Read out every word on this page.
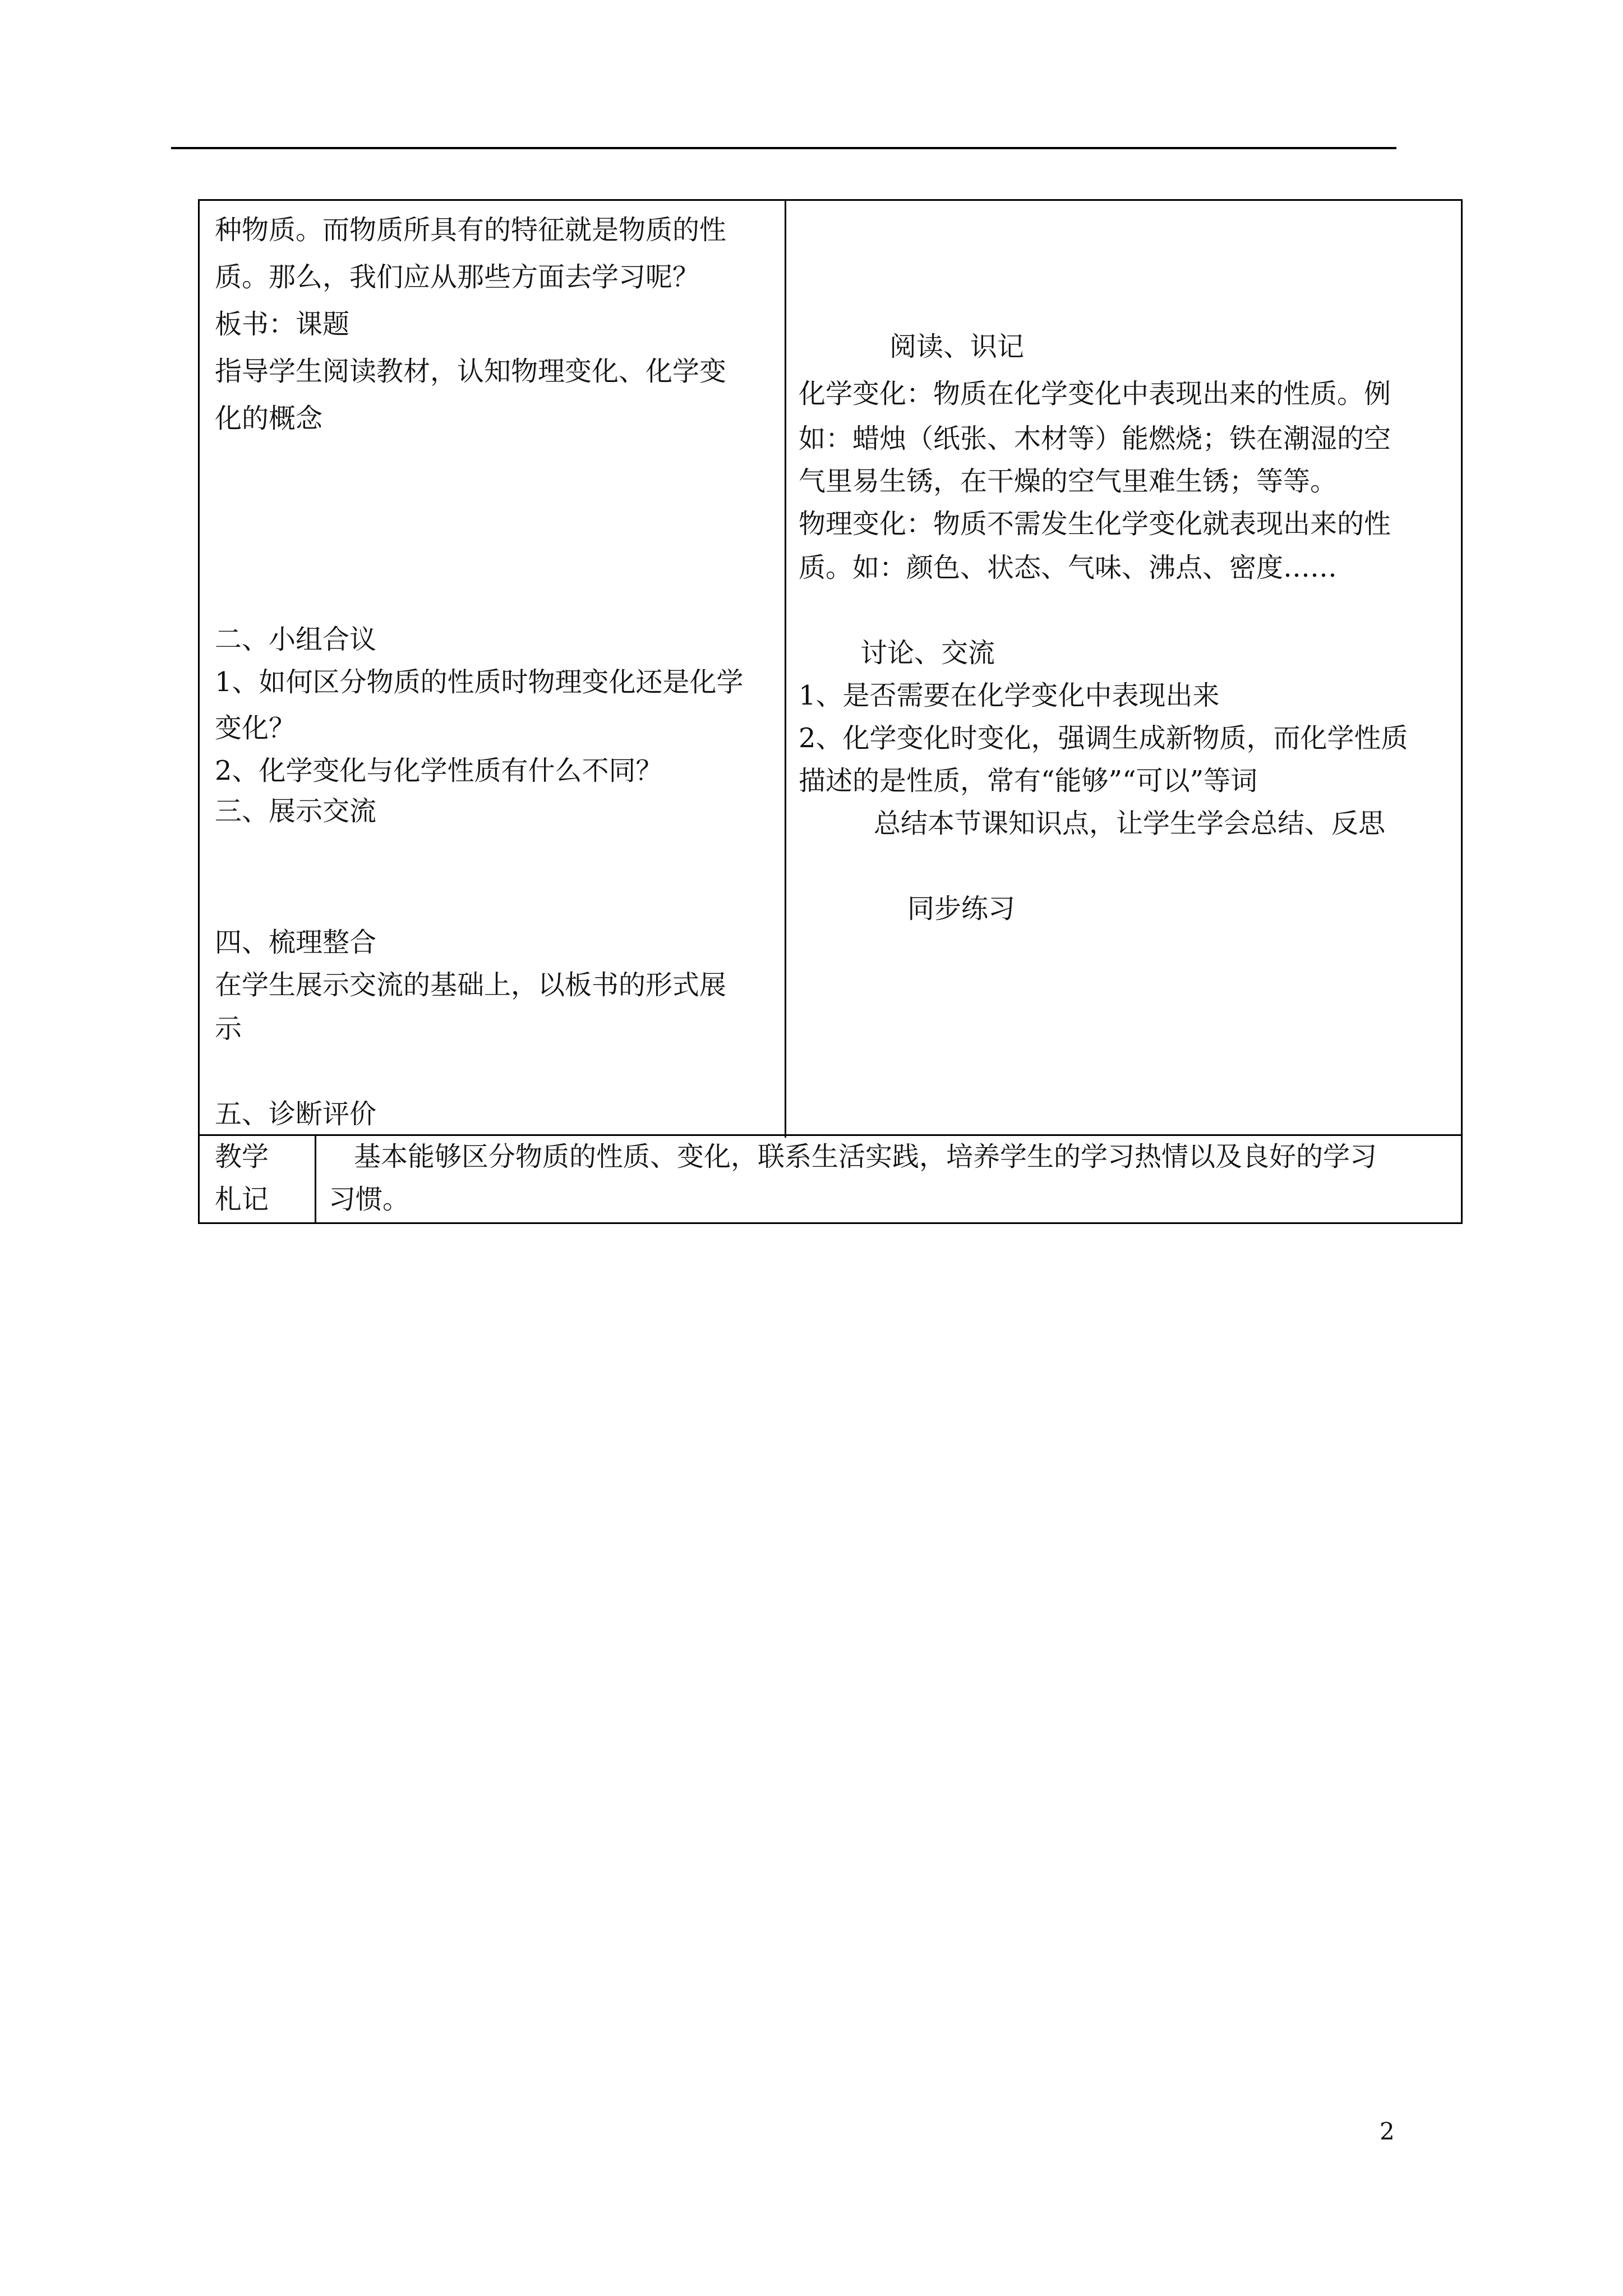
种物质。而物质所具有的特征就是物质的性
质。那么，我们应从那些方面去学习呢？
板书：课题
指导学生阅读教材，认知物理变化、化学变
化的概念
二、小组合议
1、如何区分物质的性质时物理变化还是化学
变化？
2、化学变化与化学性质有什么不同？
三、展示交流
四、梳理整合
在学生展示交流的基础上，以板书的形式展
示
五、诊断评价
阅读、识记
化学变化：物质在化学变化中表现出来的性质。例
如：蜡烛（纸张、木材等）能燃烧；铁在潮湿的空
气里易生锈，在干燥的空气里难生锈；等等。
物理变化：物质不需发生化学变化就表现出来的性
质。如：颜色、状态、气味、沸点、密度……
讨论、交流
1、是否需要在化学变化中表现出来
2、化学变化时变化，强调生成新物质，而化学性质
描述的是性质，常有“能够”“可以”等词
总结本节课知识点，让学生学会总结、反思
同步练习
教学
札记
基本能够区分物质的性质、变化，联系生活实践，培养学生的学习热情以及良好的学习
习惯。
2
